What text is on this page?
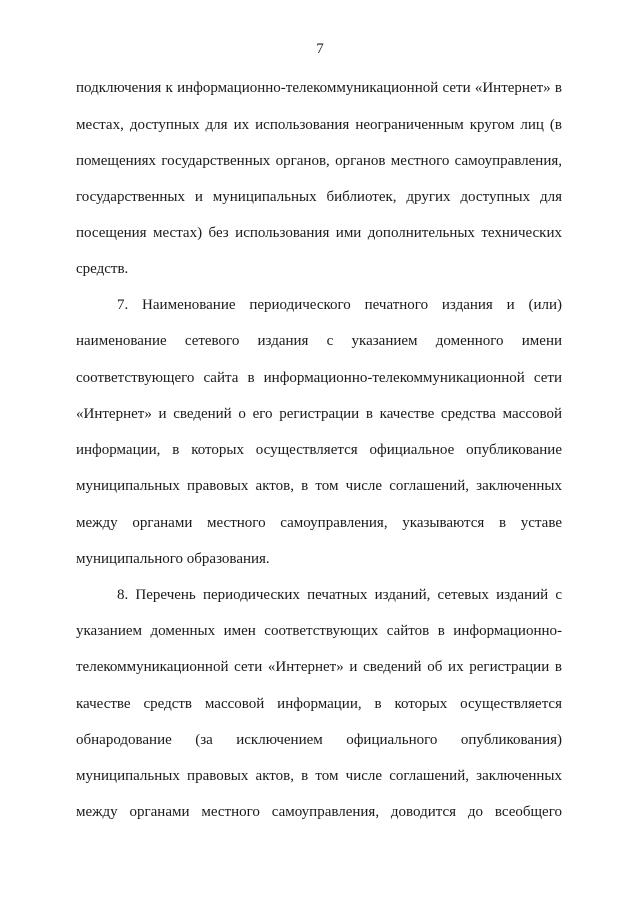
7
подключения к информационно-телекоммуникационной сети «Интернет» в
местах, доступных для их использования неограниченным кругом лиц (в
помещениях государственных органов, органов местного самоуправления,
государственных и муниципальных библиотек, других доступных для
посещения местах) без использования ими дополнительных технических
средств.
7. Наименование периодического печатного издания и (или)
наименование сетевого издания с указанием доменного имени
соответствующего сайта в информационно-телекоммуникационной сети
«Интернет» и сведений о его регистрации в качестве средства массовой
информации, в которых осуществляется официальное опубликование
муниципальных правовых актов, в том числе соглашений, заключенных
между органами местного самоуправления, указываются в уставе
муниципального образования.
8. Перечень периодических печатных изданий, сетевых изданий с
указанием доменных имен соответствующих сайтов в информационно-
телекоммуникационной сети «Интернет» и сведений об их регистрации в
качестве средств массовой информации, в которых осуществляется
обнародование (за исключением официального опубликования)
муниципальных правовых актов, в том числе соглашений, заключенных
между органами местного самоуправления, доводится до всеобщего
